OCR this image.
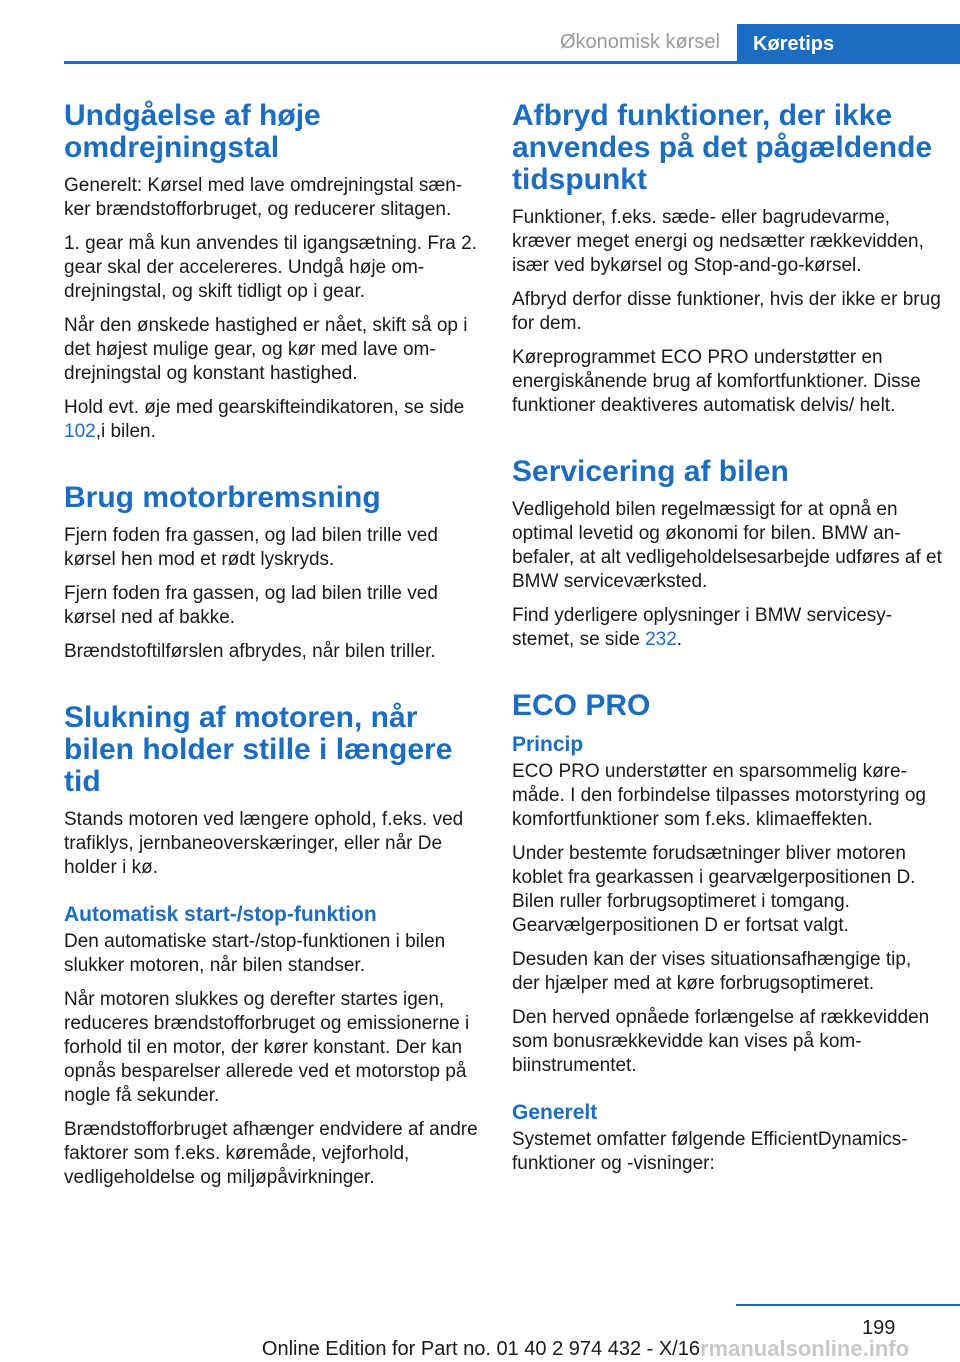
Økonomisk kørsel Køretips
Undgåelse af høje omdrejningstal

Generelt: Kørsel med lave omdrejningstal sænker brændstofforbruget, og reducerer slitagen.

1. gear må kun anvendes til igangsætning. Fra 2. gear skal der accelereres. Undgå høje omdrejningstal, og skift tidligt op i gear.

Når den ønskede hastighed er nået, skift så op i det højest mulige gear, og kør med lave omdrejningstal og konstant hastighed.

Hold evt. øje med gearskifteindikatoren, se side 102,i bilen.

Brug motorbremsning

Fjern foden fra gassen, og lad bilen trille ved kørsel hen mod et rødt lyskryds.

Fjern foden fra gassen, og lad bilen trille ved kørsel ned af bakke.

Brændstoftilførslen afbrydes, når bilen triller.

Slukning af motoren, når bilen holder stille i længere tid

Stands motoren ved længere ophold, f.eks. ved trafiklys, jernbaneoverskæringer, eller når De holder i kø.

Automatisk start-/stop-funktion

Den automatiske start-/stop-funktionen i bilen slukker motoren, når bilen standser.

Når motoren slukkes og derefter startes igen, reduceres brændstofforbruget og emissionerne i forhold til en motor, der kører konstant. Der kan opnås besparelser allerede ved et motorstop på nogle få sekunder.

Brændstofforbruget afhænger endvidere af andre faktorer som f.eks. køremåde, vejforhold, vedligeholdelse og miljøpåvirkninger.

Afbryd funktioner, der ikke anvendes på det pågældende tidspunkt

Funktioner, f.eks. sæde- eller bagrudevarme, kræver meget energi og nedsætter rækkevidden, især ved bykørsel og Stop-and-go-kørsel.

Afbryd derfor disse funktioner, hvis der ikke er brug for dem.

Køreprogrammet ECO PRO understøtter en energiskånende brug af komfortfunktioner. Disse funktioner deaktiveres automatisk delvis/ helt.

Servicering af bilen

Vedligehold bilen regelmæssigt for at opnå en optimal levetid og økonomi for bilen. BMW anbefaler, at alt vedligeholdelsesarbejde udføres af et BMW serviceværksted.

Find yderligere oplysninger i BMW servicesystemet, se side 232.

ECO PRO
Princip

ECO PRO understøtter en sparsommelig køremåde. I den forbindelse tilpasses motorstyring og komfortfunktioner som f.eks. klimaeffekten.

Under bestemte forudsætninger bliver motoren koblet fra gearkassen i gearvælgerpositionen D. Bilen ruller forbrugsoptimeret i tomgang. Gearvælgerpositionen D er fortsat valgt.

Desuden kan der vises situationsafhængige tip, der hjælper med at køre forbrugsoptimeret.

Den herved opnåede forlængelse af rækkevidden som bonusrækkevidde kan vises på kombiinstrumentet.

Generelt

Systemet omfatter følgende EfficientDynamics-funktioner og -visninger:

199
Online Edition for Part no. 01 40 2 974 432 - X/16 rmanualsonline.info
